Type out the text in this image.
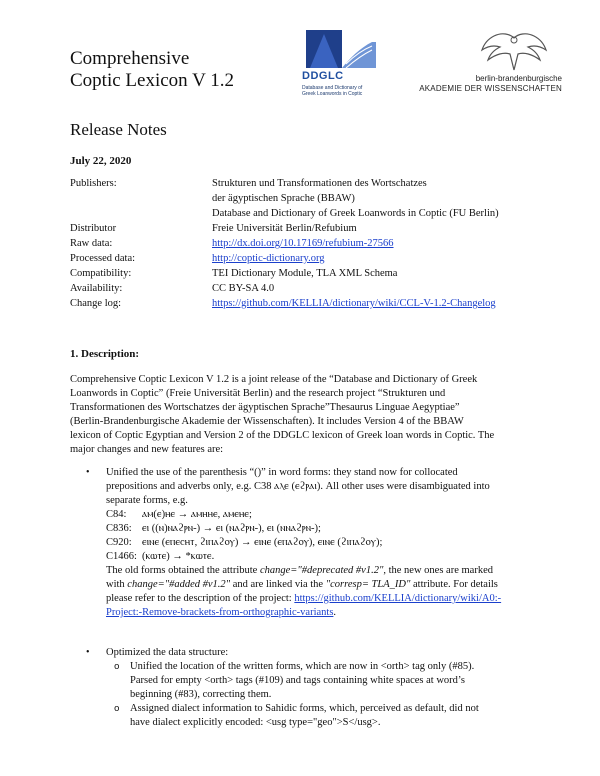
Comprehensive
Coptic Lexicon V 1.2	DDGLC
Database and Dictionary of
Greek Loanwords in Coptic
berlin-brandenburgische
AKADEMIE DER WISSENSCHAFTEN
Release Notes
July 22, 2020
Publishers:	Strukturen und Transformationen des Wortschatzes
der ägyptischen Sprache (BBAW)
Database and Dictionary of Greek Loanwords in Coptic (FU Berlin)
Distributor	Freie Universität Berlin/Refubium
Raw data:	http://dx.doi.org/10.17169/refubium-27566
Processed data:	http://coptic-dictionary.org
Compatibility:	TEI Dictionary Module, TLA XML Schema
Availability:	CC BY-SA 4.0
Change log:	https://github.com/KELLIA/dictionary/wiki/CCL-V-1.2-Changelog
1. Description:
Comprehensive Coptic Lexicon V 1.2 is a joint release of the “Database and Dictionary of Greek
Loanwords in Coptic” (Freie Universität Berlin) and the research project “Strukturen und
Transformationen des Wortschatzes der ägyptischen Sprache”Thesaurus Linguae Aegyptiae”
(Berlin-Brandenburgische Akademie der Wissenschaften). It includes Version 4 of the BBAW
lexicon of Coptic Egyptian and Version 2 of the DDGLC lexicon of Greek loan words in Coptic. The
major changes and new features are:
• Unified the use of the parenthesis “()” in word forms: they stand now for collocated
prepositions and adverbs only, e.g. C38 ⲁⲗⲉ (ⲉϩⲣⲁⲓ). All other uses were disambiguated into
separate forms, e.g.
C84:	ⲁⲙ(ⲉ)ⲏⲉ → ⲁⲙⲏⲏⲉ, ⲁⲙⲉⲏⲉ;
C836: ⲉⲓ ((ⲛ)ⲛⲁϩⲣⲛ-) → ⲉⲓ (ⲛⲁϩⲣⲛ-), ⲉⲓ (ⲛⲛⲁϩⲣⲛ-);
C920: ⲉⲓⲛⲉ (ⲉⲡⲉⲥⲏⲧ, ϩⲓⲡⲁϩⲟⲩ) → ⲉⲓⲛⲉ (ⲉⲡⲁϩⲟⲩ), ⲉⲓⲛⲉ (ϩⲓⲡⲁϩⲟⲩ);
C1466: (ⲕⲱⲧⲉ) → *ⲕⲱⲧⲉ.
The old forms obtained the attribute change="#deprecated #v1.2", the new ones are marked
with change="#added #v1.2" and are linked via the "corresp= TLA_ID" attribute. For details
please refer to the description of the project: https://github.com/KELLIA/dictionary/wiki/A0:-
Project:-Remove-brackets-from-orthographic-variants.
• Optimized the data structure:
o Unified the location of the written forms, which are now in <orth> tag only (#85).
Parsed for empty <orth> tags (#109) and tags containing white spaces at word’s
beginning (#83), correcting them.
o Assigned dialect information to Sahidic forms, which, perceived as default, did not
have dialect explicitly encoded: <usg type="geo">S</usg>.
